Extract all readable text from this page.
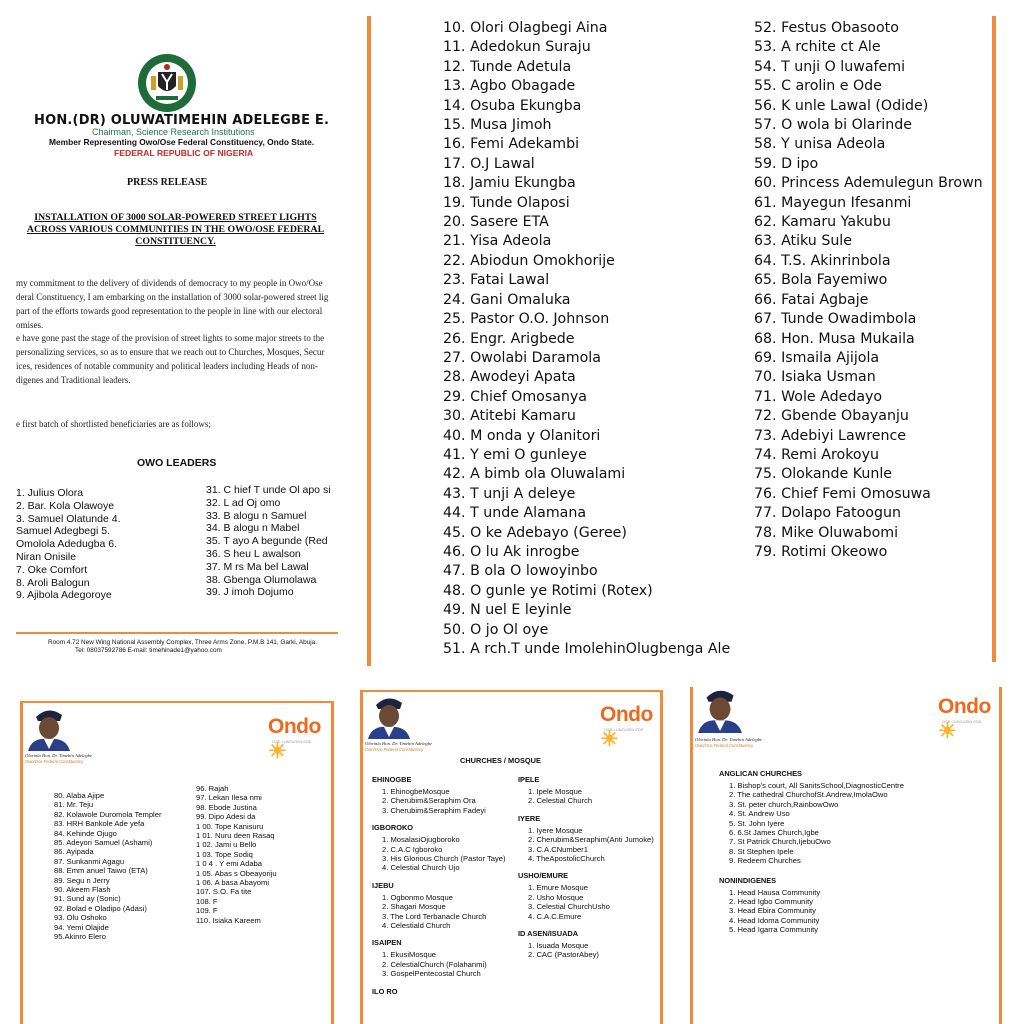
HON.(DR) OLUWATIMEHIN ADELEGBE E.
Chairman, Science Research Institutions
Member Representing Owo/Ose Federal Constituency, Ondo State.
FEDERAL REPUBLIC OF NIGERIA
PRESS RELEASE
INSTALLATION OF 3000 SOLAR-POWERED STREET LIGHTS
ACROSS VARIOUS COMMUNITIES IN THE OWO/OSE FEDERAL
CONSTITUENCY.
my commitment to the delivery of dividends of democracy to my people in Owo/Ose
deral Constituency, I am embarking on the installation of 3000 solar-powered street lig
part of the efforts towards good representation to the people in line with our electoral
omises.
e have gone past the stage of the provision of street lights to some major streets to the
personalizing services, so as to ensure that we reach out to Churches, Mosques, Secur
ices, residences of notable community and political leaders including Heads of non-
digenes and Traditional leaders.
e first batch of shortlisted beneficiaries are as follows;
OWO LEADERS
1. Julius Olora
2. Bar. Kola Olawoye
3. Samuel Olatunde 4.
Samuel Adegbegi 5.
Omolola Adedugba 6.
Niran Onisile
7. Oke Comfort
8. Aroli Balogun
9. Ajibola Adegoroye
31. C hief T unde Ol apo si
32. L ad Oj omo
33. B alogu n Samuel
34. B alogu n Mabel
35. T ayo A begunde (Red
36. S heu L awalson
37. M rs Ma bel Lawal
38. Gbenga Olumolawa
39. J imoh Dojumo
Room 4.72 New Wing National Assembly Complex, Three Arms Zone, P.M.B 141, Garki, Abuja.
Tel: 08037592786 E-mail: timehinade1@yahoo.com
10. Olori Olagbegi Aina
11. Adedokun Suraju
12. Tunde Adetula
13. Agbo Obagade
14. Osuba Ekungba
15. Musa Jimoh
16. Femi Adekambi
17. O.J Lawal
18. Jamiu Ekungba
19. Tunde Olaposi
20. Sasere ETA
21. Yisa Adeola
22. Abiodun Omokhorije
23. Fatai Lawal
24. Gani Omaluka
25. Pastor O.O. Johnson
26. Engr. Arigbede
27. Owolabi Daramola
28. Awodeyi Apata
29. Chief Omosanya
30. Atitebi Kamaru
40. M onda y Olanitori
41. Y emi O gunleye
42. A bimb ola Oluwalami
43. T unji A deleye
44. T unde Alamana
45. O ke Adebayo (Geree)
46. O lu Ak inrogbe
47. B ola O lowoyinbo
48. O gunle ye Rotimi (Rotex)
49. N uel E leyinle
50. O jo Ol oye
51. A rch.T unde ImolehinOlugbenga Ale
52. Festus Obasooto
53. A rchite ct Ale
54. T unji O luwafemi
55. C arolin e Ode
56. K unle Lawal (Odide)
57. O wola bi Olarinde
58. Y unisa Adeola
59. D ipo
60. Princess Ademulegun Brown
61. Mayegun Ifesanmi
62. Kamaru Yakubu
63. Atiku Sule
64. T.S. Akinrinbola
65. Bola Fayemiwo
66. Fatai Agbaje
67. Tunde Owadimbola
68. Hon. Musa Mukaila
69. Ismaila Ajijola
70. Isiaka Usman
71. Wole Adedayo
72. Gbende Obayanju
73. Adebiyi Lawrence
74. Remi Arokoyu
75. Olokande Kunle
76. Chief Femi Omosuwa
77. Dolapo Fatoogun
78. Mike Oluwabomi
79. Rotimi Okeowo
Olorinla Hon. Dr. Timehin Adelegbe
Owo/Ose Federal Constituency
Ondo☀
OSE LUNGUSIN EDE
80. Alaba Ajipe
81. Mr. Teju
82. Kolawole Duromola Templer
83. HRH Bankole Ade yefa
84. Kehinde Ojugo
85. Adeyori Samuel (Ashami)
86. Ayipada
87. Sunkanmi Agagu
88. Emm anuel Taiwo (ETA)
89. Segu n Jerry
90. Akeem Flash
91. Sund ay (Sonic)
92. Bolad e Oladipo (Adasi)
93. Olu Oshoko
94. Yemi Olajide
95.Akinro Elero
96. Rajah
97. Lekan Ilesa nmi
98. Ebode Justina
99. Dipo Adesi da
1 00. Tope Kanisuru
1 01. Nuru deen Rasaq
1 02. Jami u Bello
1 03. Tope Sodiq
1 0 4 . Y emi Adaba
1 05. Abas s Obeayoriju
1 06. A basa Abayomi
107. S.O. Fa tite
108. F
109. F
110. Isiaka Kareem
Olorinla Hon. Dr. Timehin Adelegbe
Owo/Ose Federal Constituency
Ondo☀
OSE LUNGUSIN EDE
CHURCHES / MOSQUE
EHINOGBE
1. EhinogbeMosque
2. Cherubim&Seraphim Ora
3. Cherubim&Seraphim Fadeyi
IGBOROKO
1. MosalasiOjugboroko
2. C.A.C Igboroko
3. His Glorious Church (Pastor Taye)
4. Celestial Church Ujo
IJEBU
1. Ogbonmo Mosque
2. Shagari Mosque
3. The Lord Terbanacle Church
4. Celestiald Church
ISAIPEN
1. EkusiMosque
2. CelestialChurch (Folahanmi)
3. GospelPentecostal Church
ILO RO
IPELE
1. Ipele Mosque
2. Celestial Church
IYERE
1. Iyere Mosque
2. Cherubim&Seraphim(Anti Jumoke)
3. C.A.CNumber1
4. TheApostolicChurch
USHO/EMURE
1. Emure Mosque
2. Usho Mosque
3. Celestial ChurchUsho
4. C.A.C.Emure
ID ASEN/ISUADA
1. Isuada Mosque
2. CAC (PastorAbey)
Olorinla Hon. Dr. Timehin Adelegbe
Owo/Ose Federal Constituency
Ondo☀
OSE LUNGUSIN EDE
ANGLICAN CHURCHES
1. Bishop's court, All SanitsSchool,DiagnosticCentre
2. The cathedral ChurchofSt.Andrew,ImolaOwo
3. St. peter church,RainbowOwo
4. St. Andrew Uso
5. St. John Iyere
6. 6.St James Church,Igbe
7. St Patrick Church,IjebuOwo
8. St Stephen Ipele
9. Redeem Churches
NONINDIGENES
1. Head Hausa Community
2. Head Igbo Community
3. Head Ebira Community
4. Head Idoma Community
5. Head Igarra Community
